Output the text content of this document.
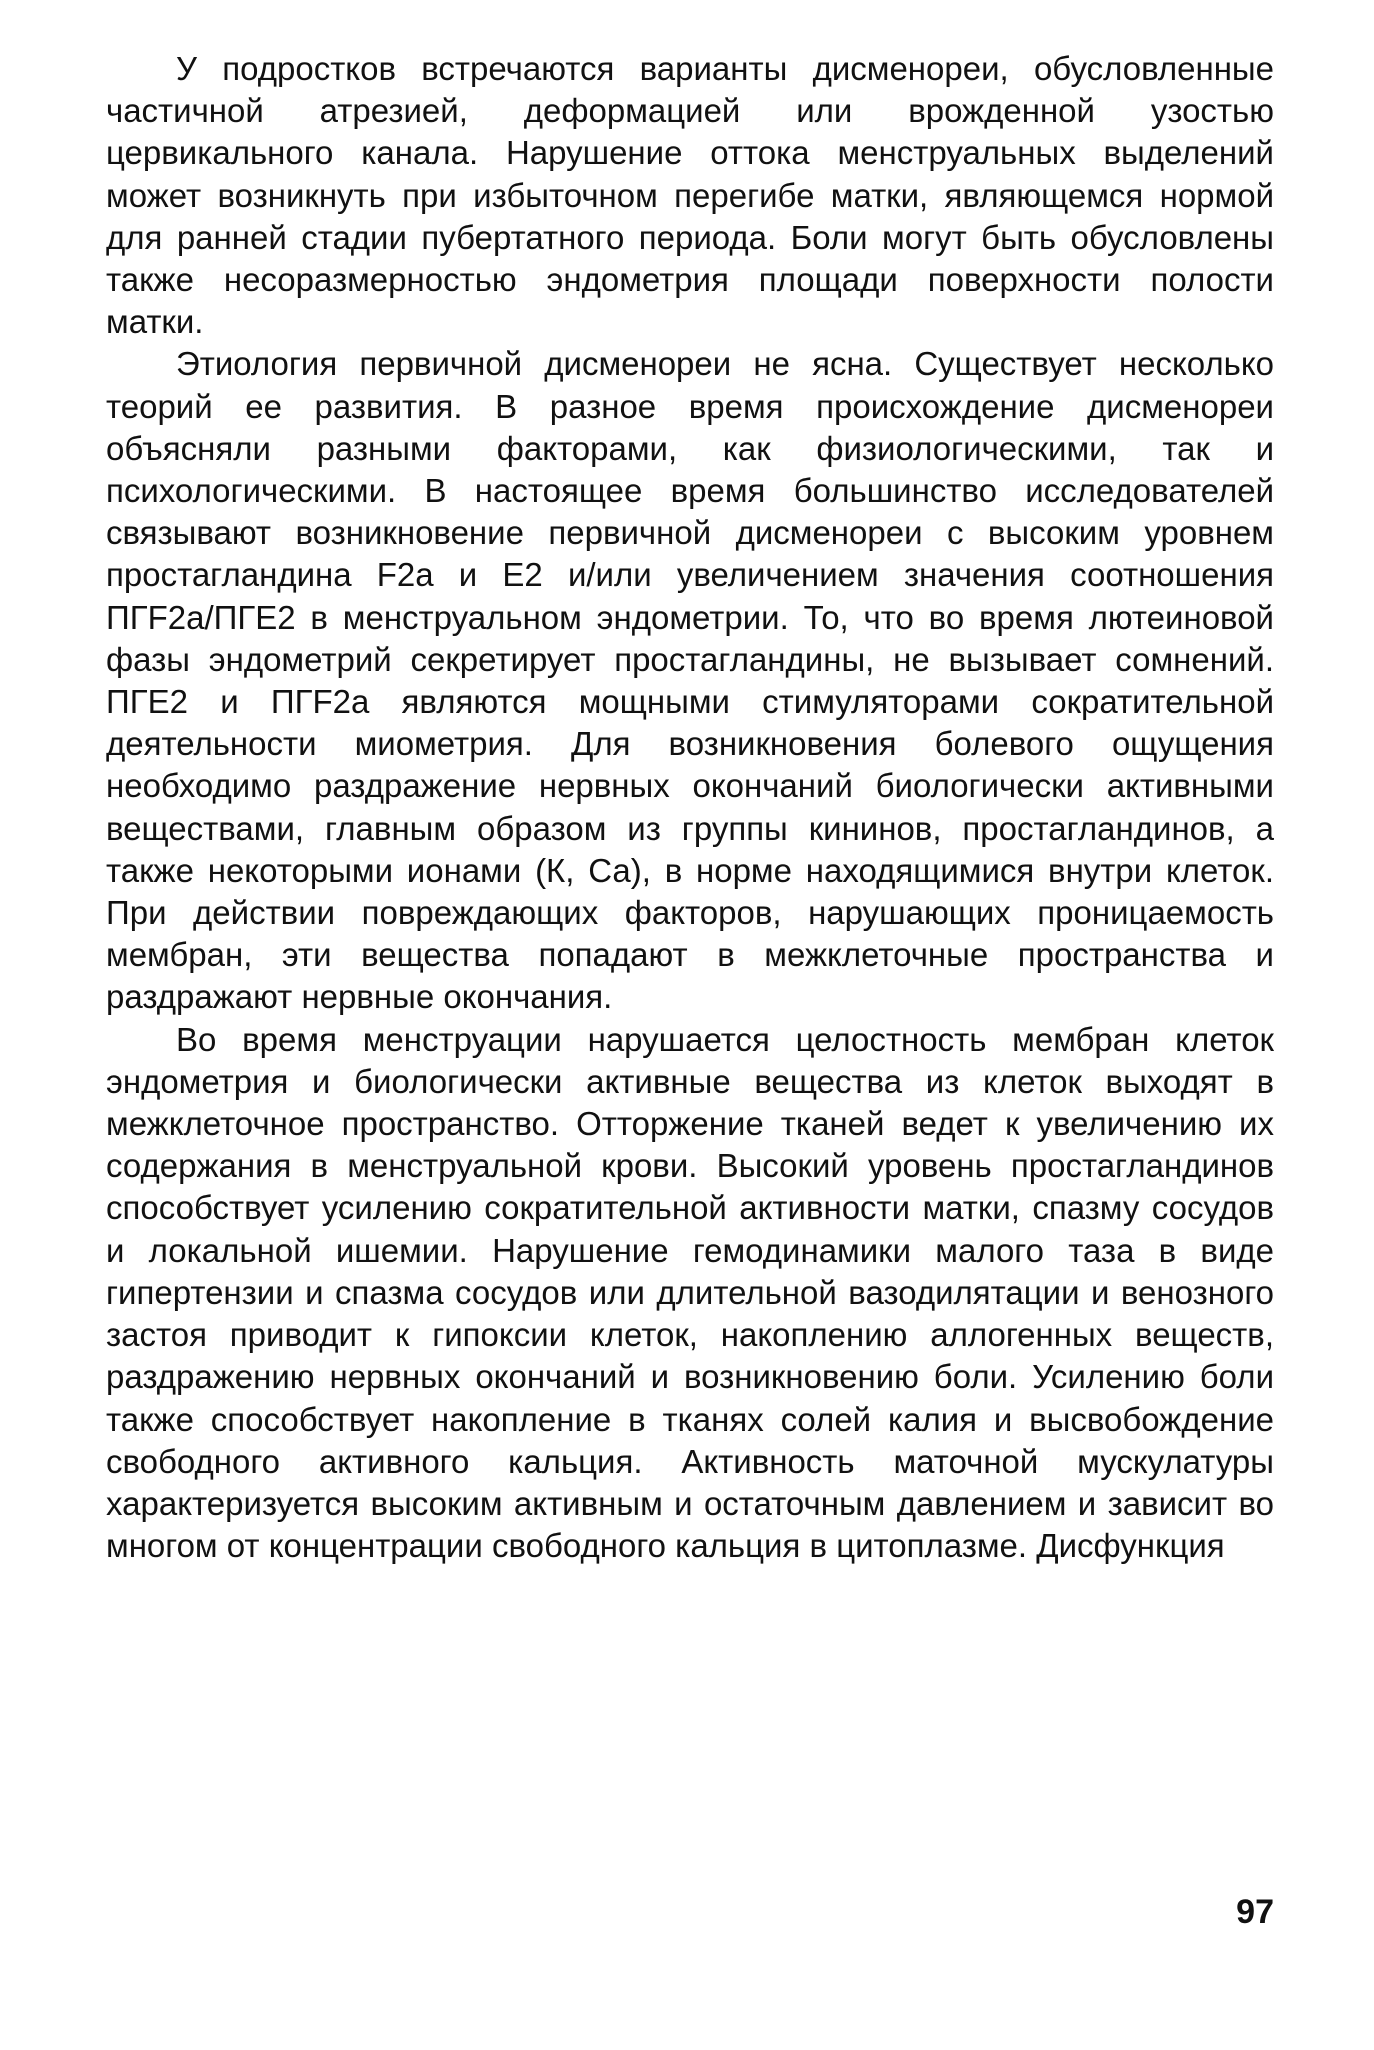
У подростков встречаются варианты дисменореи, обусловленные частичной атрезией, деформацией или врожденной узостью цервикального канала. Нарушение оттока менструальных выделений может возникнуть при избыточном перегибе матки, являющемся нормой для ранней стадии пубертатного периода. Боли могут быть обусловлены также несоразмерностью эндометрия площади поверхности полости матки.

Этиология первичной дисменореи не ясна. Существует несколько теорий ее развития. В разное время происхождение дисменореи объясняли разными факторами, как физиологическими, так и психологическими. В настоящее время большинство исследователей связывают возникновение первичной дисменореи с высоким уровнем простагландина F2a и E2 и/или увеличением значения соотношения ПГF2а/ПГЕ2 в менструальном эндометрии. То, что во время лютеиновой фазы эндометрий секретирует простагландины, не вызывает сомнений. ПГЕ2 и ПГF2a являются мощными стимуляторами сократительной деятельности миометрия. Для возникновения болевого ощущения необходимо раздражение нервных окончаний биологически активными веществами, главным образом из группы кининов, простагландинов, а также некоторыми ионами (К, Са), в норме находящимися внутри клеток. При действии повреждающих факторов, нарушающих проницаемость мембран, эти вещества попадают в межклеточные пространства и раздражают нервные окончания.

Во время менструации нарушается целостность мембран клеток эндометрия и биологически активные вещества из клеток выходят в межклеточное пространство. Отторжение тканей ведет к увеличению их содержания в менструальной крови. Высокий уровень простагландинов способствует усилению сократительной активности матки, спазму сосудов и локальной ишемии. Нарушение гемодинамики малого таза в виде гипертензии и спазма сосудов или длительной вазодилятации и венозного застоя приводит к гипоксии клеток, накоплению аллогенных веществ, раздражению нервных окончаний и возникновению боли. Усилению боли также способствует накопление в тканях солей калия и высвобождение свободного активного кальция. Активность маточной мускулатуры характеризуется высоким активным и остаточным давлением и зависит во многом от концентрации свободного кальция в цитоплазме. Дисфункция

97
